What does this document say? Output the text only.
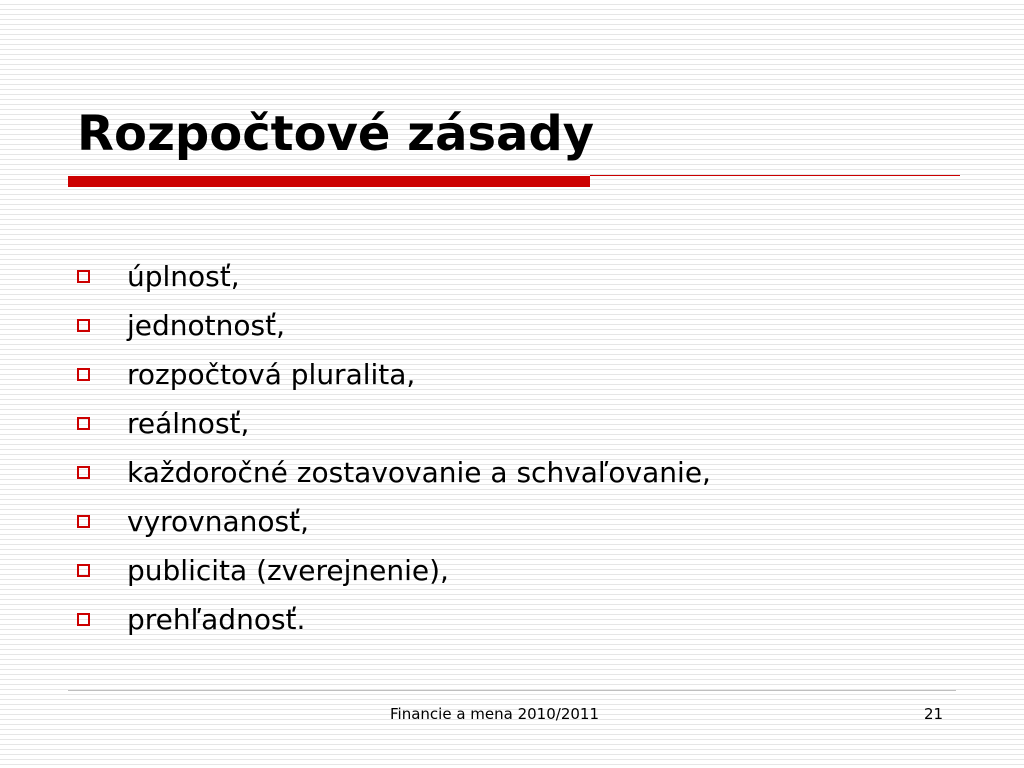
Rozpočtové zásady
úplnosť,
jednotnosť,
rozpočtová pluralita,
reálnosť,
každoročné zostavovanie a schvaľovanie,
vyrovnanosť,
publicita (zverejnenie),
prehľadnosť.
Financie a mena 2010/2011	21
